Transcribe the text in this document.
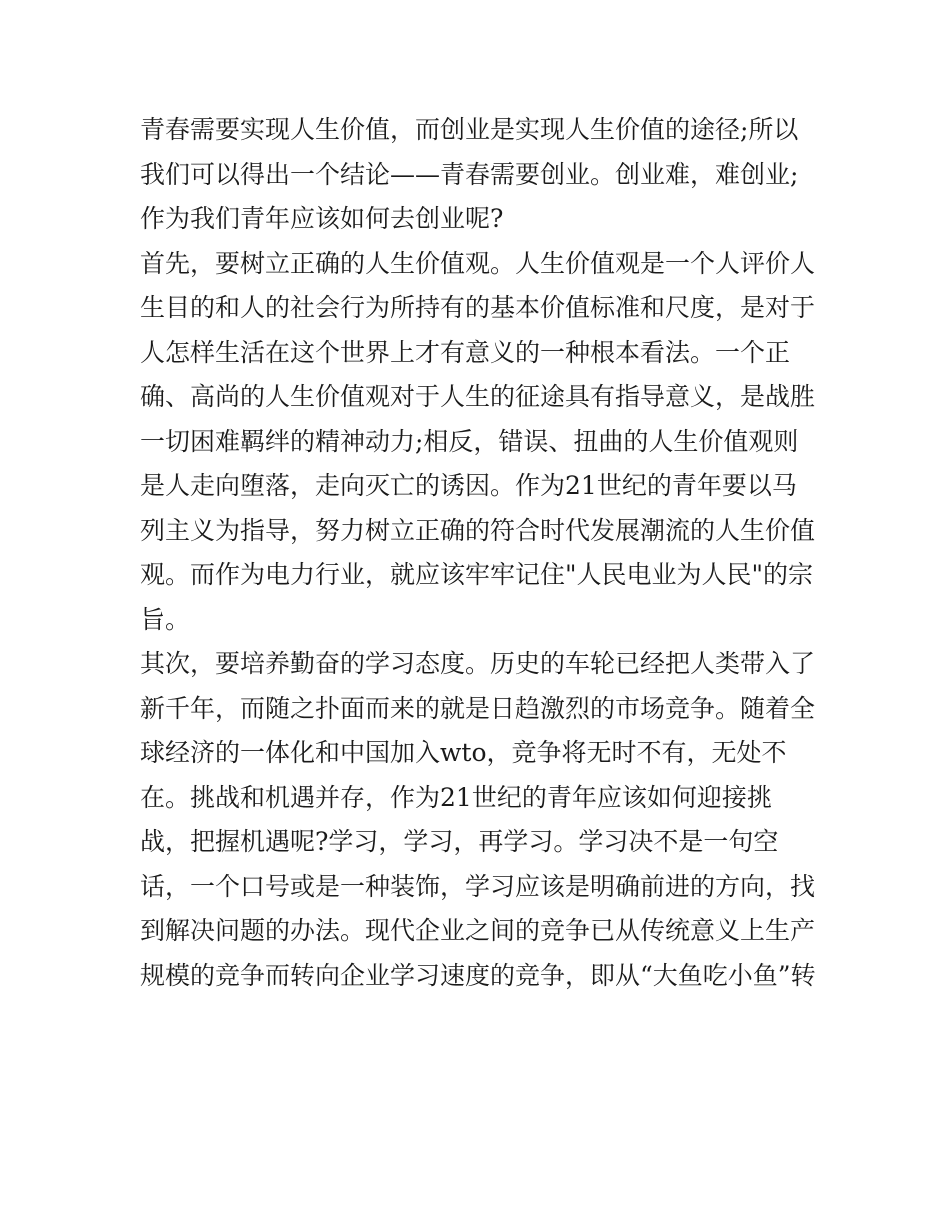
青春需要实现人生价值，而创业是实现人生价值的途径;所以
我们可以得出一个结论——青春需要创业。创业难，难创业;
作为我们青年应该如何去创业呢?
首先，要树立正确的人生价值观。人生价值观是一个人评价人
生目的和人的社会行为所持有的基本价值标准和尺度，是对于
人怎样生活在这个世界上才有意义的一种根本看法。一个正
确、高尚的人生价值观对于人生的征途具有指导意义，是战胜
一切困难羁绊的精神动力;相反，错误、扭曲的人生价值观则
是人走向堕落，走向灭亡的诱因。作为21世纪的青年要以马
列主义为指导，努力树立正确的符合时代发展潮流的人生价值
观。而作为电力行业，就应该牢牢记住"人民电业为人民"的宗
旨。
其次，要培养勤奋的学习态度。历史的车轮已经把人类带入了
新千年，而随之扑面而来的就是日趋激烈的市场竞争。随着全
球经济的一体化和中国加入wto，竞争将无时不有，无处不
在。挑战和机遇并存，作为21世纪的青年应该如何迎接挑
战，把握机遇呢?学习，学习，再学习。学习决不是一句空
话，一个口号或是一种装饰，学习应该是明确前进的方向，找
到解决问题的办法。现代企业之间的竞争已从传统意义上生产
规模的竞争而转向企业学习速度的竞争，即从“大鱼吃小鱼”转
